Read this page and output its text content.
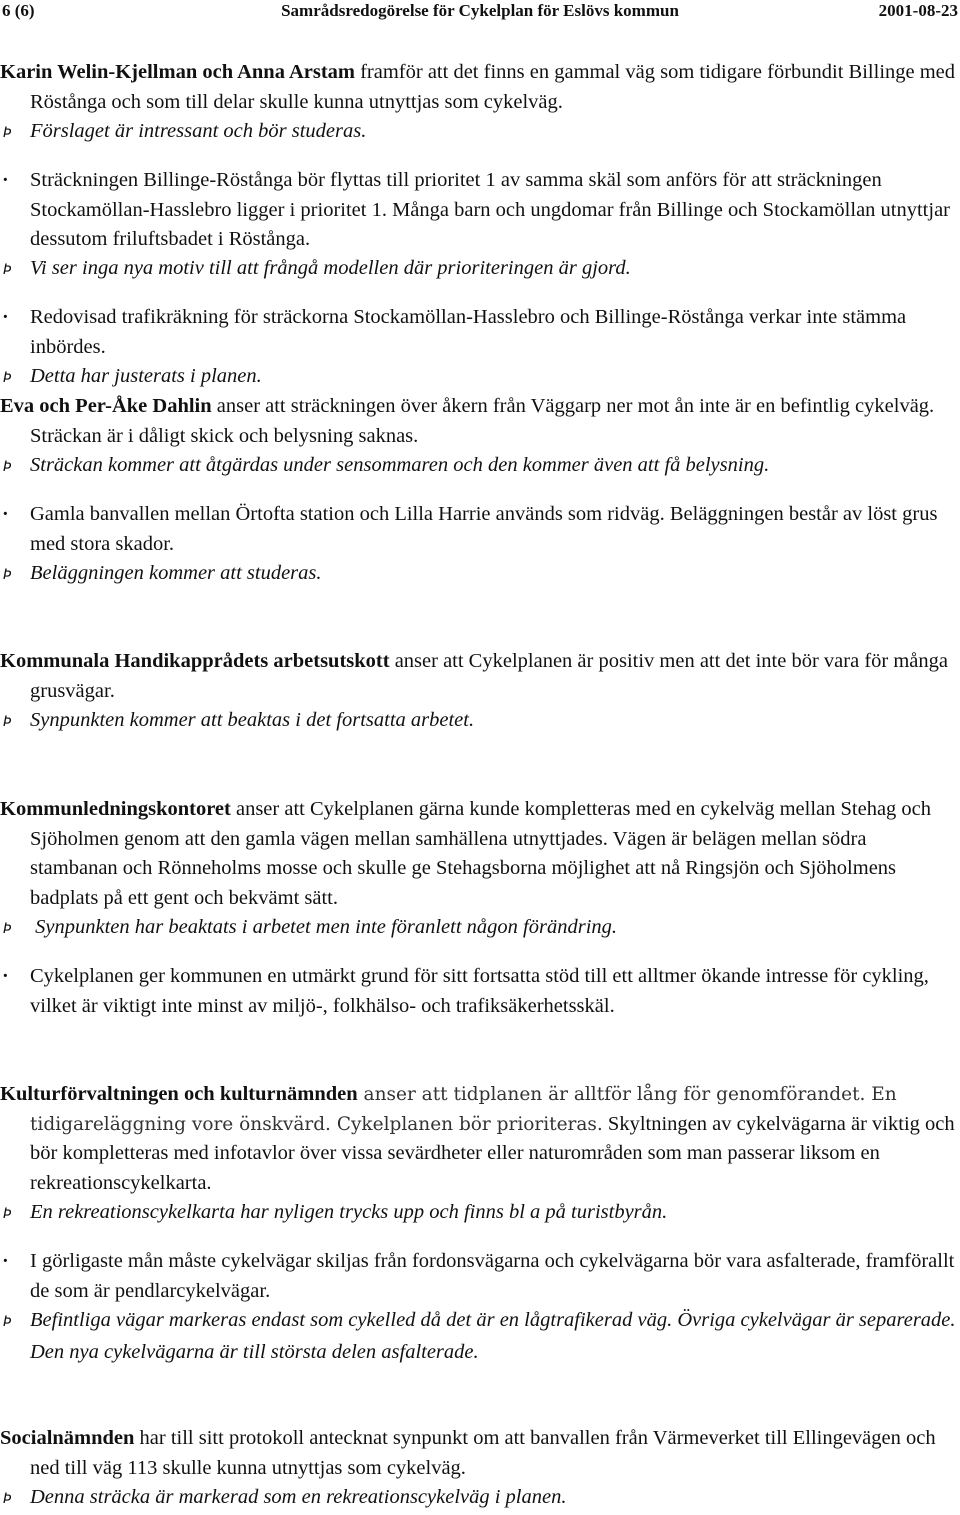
6 (6)	Samrådsredogörelse för Cykelplan för Eslövs kommun	2001-08-23

Karin Welin-Kjellman och Anna Arstam framför att det finns en gammal väg som tidigare förbundit Billinge med Röstånga och som till delar skulle kunna utnyttjas som cykelväg.

Þ Förslaget är intressant och bör studeras.

· Sträckningen Billinge-Röstånga bör flyttas till prioritet 1 av samma skäl som anförs för att sträckningen Stockamöllan-Hasslebro ligger i prioritet 1. Många barn och ungdomar från Billinge och Stockamöllan utnyttjar dessutom friluftsbadet i Röstånga.

Þ Vi ser inga nya motiv till att frångå modellen där prioriteringen är gjord.

· Redovisad trafikräkning för sträckorna Stockamöllan-Hasslebro och Billinge-Röstånga verkar inte stämma inbördes.

Þ Detta har justerats i planen.

Eva och Per-Åke Dahlin anser att sträckningen över åkern från Väggarp ner mot ån inte är en befintlig cykelväg. Sträckan är i dåligt skick och belysning saknas.

Þ Sträckan kommer att åtgärdas under sensommaren och den kommer även att få belysning.

· Gamla banvallen mellan Örtofta station och Lilla Harrie används som ridväg. Beläggningen består av löst grus med stora skador.

Þ Beläggningen kommer att studeras.

Kommunala Handikapprådets arbetsutskott anser att Cykelplanen är positiv men att det inte bör vara för många grusvägar.

Þ Synpunkten kommer att beaktas i det fortsatta arbetet.

Kommunledningskontoret anser att Cykelplanen gärna kunde kompletteras med en cykelväg mellan Stehag och Sjöholmen genom att den gamla vägen mellan samhällena utnyttjades. Vägen är belägen mellan södra stambanan och Rönneholms mosse och skulle ge Stehagsborna möjlighet att nå Ringsjön och Sjöholmens badplats på ett gent och bekvämt sätt.

Þ Synpunkten har beaktats i arbetet men inte föranlett någon förändring.

· Cykelplanen ger kommunen en utmärkt grund för sitt fortsatta stöd till ett alltmer ökande intresse för cykling, vilket är viktigt inte minst av miljö-, folkhälso- och trafiksäkerhetsskäl.

Kulturförvaltningen och kulturnämnden anser att tidplanen är alltför lång för genomförandet. En tidigareläggning vore önskvärd. Cykelplanen bör prioriteras. Skyltningen av cykelvägarna är viktig och bör kompletteras med infotavlor över vissa sevärdheter eller naturområden som man passerar liksom en rekreationscykelkarta.

Þ En rekreationscykelkarta har nyligen trycks upp och finns bl a på turistbyrån.

· I görligaste mån måste cykelvägar skiljas från fordonsvägarna och cykelvägarna bör vara asfalterade, framförallt de som är pendlarcykelvägar.

Þ Befintliga vägar markeras endast som cykelled då det är en lågtrafikerad väg. Övriga cykelvägar är separerade. Den nya cykelvägarna är till största delen asfalterade.

Socialnämnden har till sitt protokoll antecknat synpunkt om att banvallen från Värmeverket till Ellingevägen och ned till väg 113 skulle kunna utnyttjas som cykelväg.

Þ Denna sträcka är markerad som en rekreationscykelväg i planen.
